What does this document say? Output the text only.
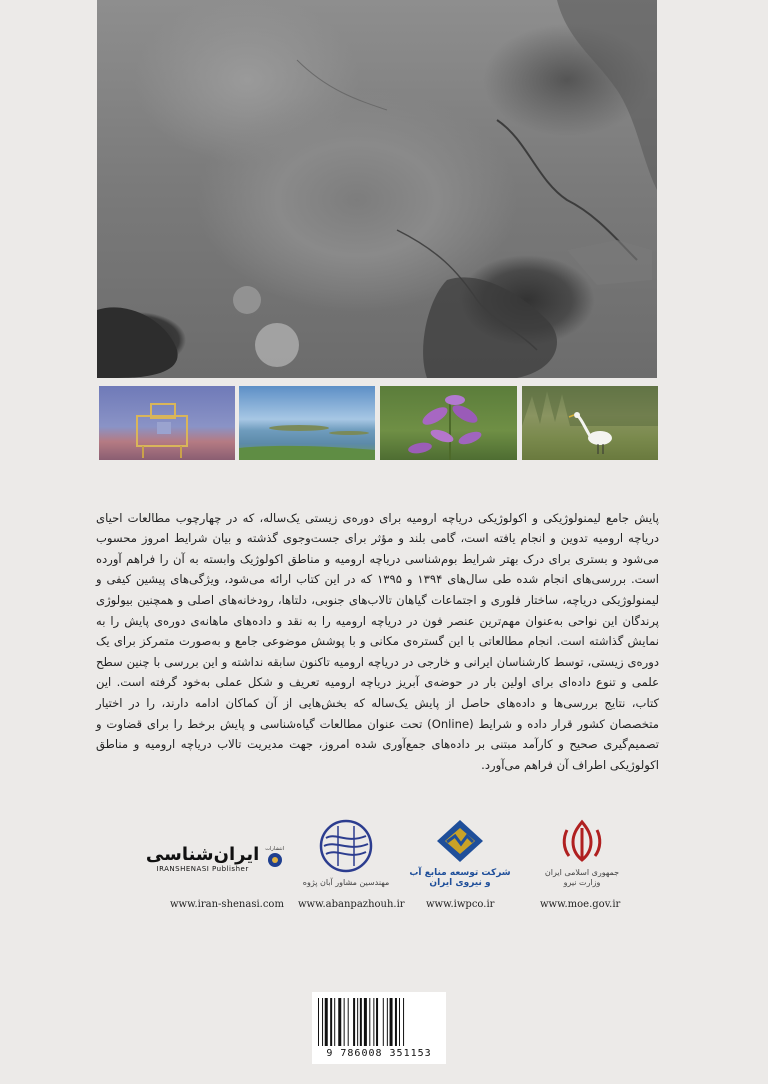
پایش جامع لیمنولوژیکی و اکولوژیکی دریاچه ارومیه برای دوره‌ی زیستی یک‌ساله، که در چهارچوب مطالعات احیای دریاچه ارومیه تدوین و انجام یافته است، گامی بلند و مؤثر برای جست‌وجوی گذشته و بیان شرایط امروز محسوب می‌شود و بستری برای درک بهتر شرایط بوم‌شناسی دریاچه ارومیه و مناطق اکولوژیک وابسته به آن را فراهم آورده است. بررسی‌های انجام شده طی سال‌های ۱۳۹۴ و ۱۳۹۵ که در این کتاب ارائه می‌شود، ویژگی‌های پیشین کیفی و لیمنولوژیکی دریاچه، ساختار فلوری و اجتماعات گیاهان تالاب‌های جنوبی، دلتاها، رودخانه‌های اصلی و همچنین بیولوژی پرندگان این نواحی به‌عنوان مهم‌ترین عنصر فون در دریاچه ارومیه را به نقد و داده‌های ماهانه‌ی دوره‌ی پایش را به نمایش گذاشته است. انجام مطالعاتی با این گستره‌ی مکانی و با پوشش موضوعی جامع و به‌صورت متمرکز برای یک دوره‌ی زیستی، توسط کارشناسان ایرانی و خارجی در دریاچه ارومیه تاکنون سابقه نداشته و این بررسی با چنین سطح علمی و تنوع داده‌ای برای اولین بار در حوضه‌ی آبریز دریاچه ارومیه تعریف و شکل عملی به‌خود گرفته است. این کتاب، نتایج بررسی‌ها و داده‌های حاصل از پایش یک‌ساله که بخش‌هایی از آن کماکان ادامه دارند، را در اختیار متخصصان کشور قرار داده و شرایط (Online) تحت عنوان مطالعات گیاه‌شناسی و پایش برخط را برای قضاوت و تصمیم‌گیری صحیح و کارآمد مبتنی بر داده‌های جمع‌آوری شده امروز، جهت مدیریت تالاب دریاچه ارومیه و مناطق اکولوژیکی اطراف آن فراهم می‌آورد.

جمهوری اسلامی ایران
وزارت نیرو
شرکت توسعه منابع آب و نیروی ایران
مهندسین مشاور آبان پژوه
ایران‌شناسی
IRANSHENASI Publisher
انتشارات
www.moe.gov.ir
www.iwpco.ir
www.abanpazhouh.ir
www.iran-shenasi.com
9 786008 351153
